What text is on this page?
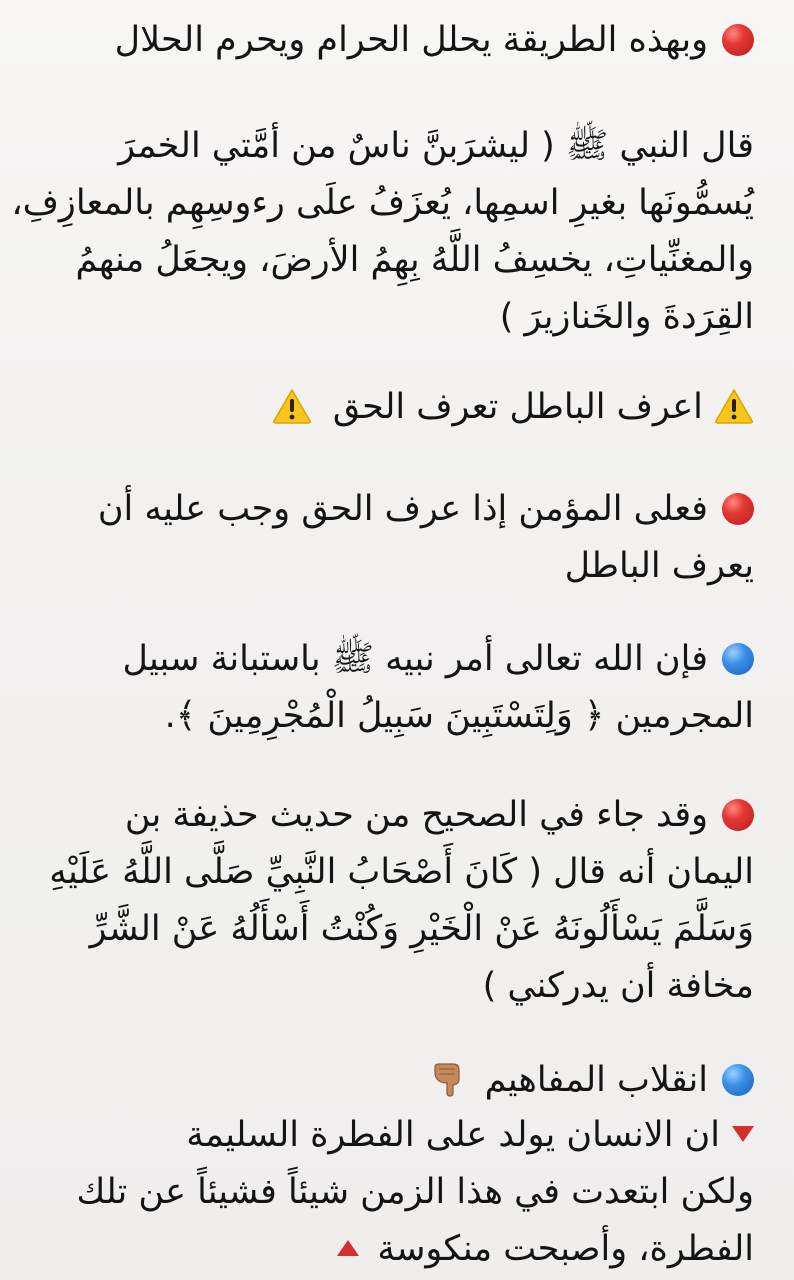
وبهذه الطريقة يحلل الحرام ويحرم الحلال
قال النبي ﷺ ( ليشرَبنَّ ناسٌ من أمَّتي الخمرَ
يُسمُّونَها بغيرِ اسمِها، يُعزَفُ علَى رءوسِهِم بالمعازِفِ،
والمغنِّياتِ، يخسِفُ اللَّهُ بِهِمُ الأرضَ، ويجعَلُ منهمُ
القِرَدةَ والخَنازيرَ )
اعرف الباطل تعرف الحق
فعلى المؤمن إذا عرف الحق وجب عليه أن
يعرف الباطل
فإن الله تعالى أمر نبيه ﷺ باستبانة سبيل
المجرمين ﴿ وَلِتَسْتَبِينَ سَبِيلُ الْمُجْرِمِينَ ﴾.
وقد جاء في الصحيح من حديث حذيفة بن
اليمان أنه قال ( كَانَ أَصْحَابُ النَّبِيِّ صَلَّى اللَّهُ عَلَيْهِ
وَسَلَّمَ يَسْأَلُونَهُ عَنْ الْخَيْرِ وَكُنْتُ أَسْأَلُهُ عَنْ الشَّرِّ
مخافة أن يدركني )
انقلاب المفاهيم
ان الانسان يولد على الفطرة السليمة
ولكن ابتعدت في هذا الزمن شيئاً فشيئاً عن تلك
الفطرة، وأصبحت منكوسة
